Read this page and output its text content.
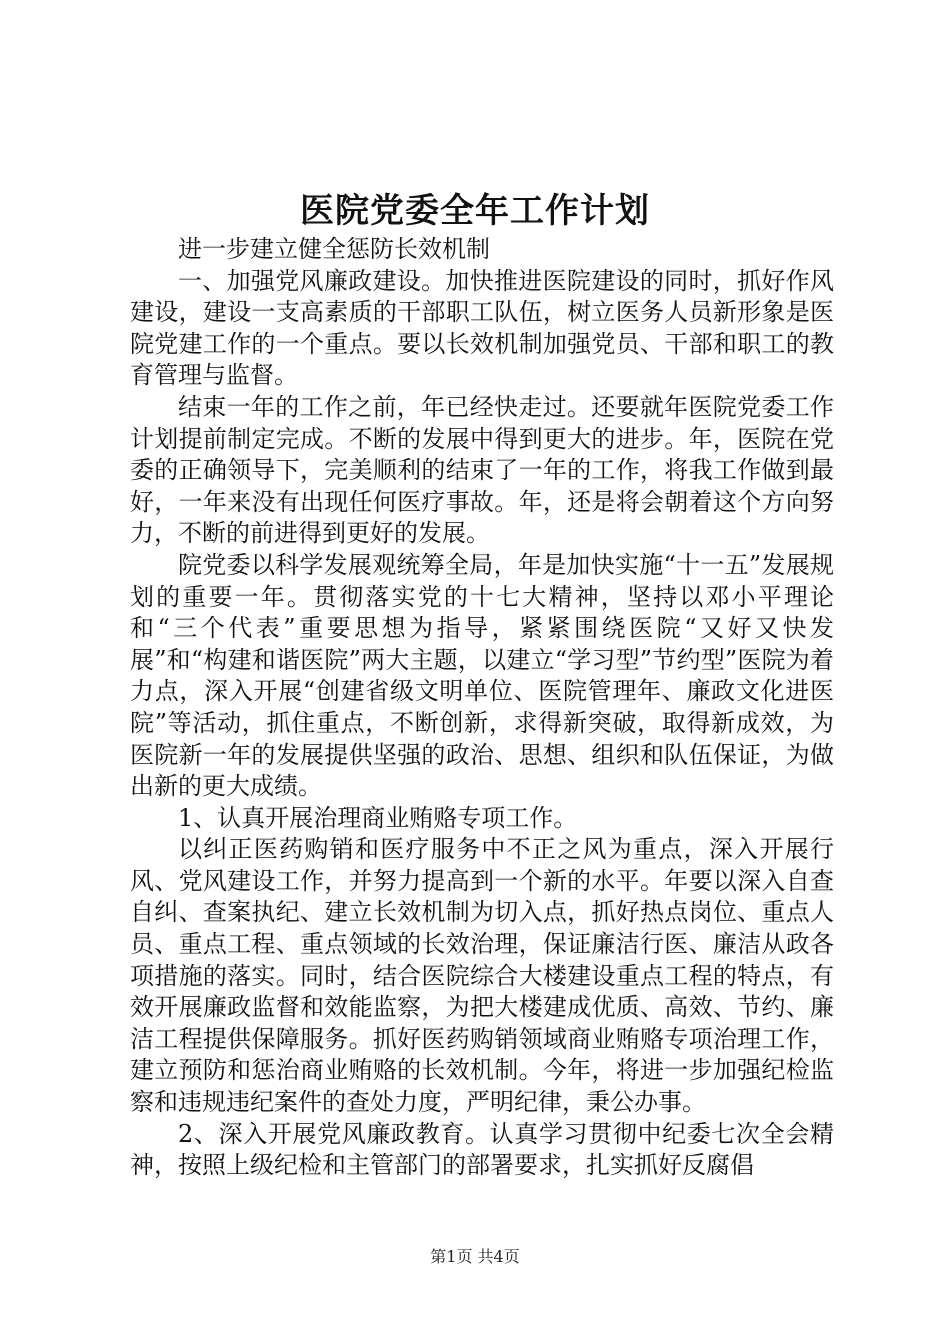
医院党委全年工作计划

进一步建立健全惩防长效机制

一、加强党风廉政建设。加快推进医院建设的同时，抓好作风建设，建设一支高素质的干部职工队伍，树立医务人员新形象是医院党建工作的一个重点。要以长效机制加强党员、干部和职工的教育管理与监督。

结束一年的工作之前，年已经快走过。还要就年医院党委工作计划提前制定完成。不断的发展中得到更大的进步。年，医院在党委的正确领导下，完美顺利的结束了一年的工作，将我工作做到最好，一年来没有出现任何医疗事故。年，还是将会朝着这个方向努力，不断的前进得到更好的发展。

院党委以科学发展观统筹全局，年是加快实施“十一五”发展规划的重要一年。贯彻落实党的十七大精神，坚持以邓小平理论和“三个代表”重要思想为指导，紧紧围绕医院“又好又快发展”和“构建和谐医院”两大主题，以建立“学习型”节约型”医院为着力点，深入开展“创建省级文明单位、医院管理年、廉政文化进医院”等活动，抓住重点，不断创新，求得新突破，取得新成效，为医院新一年的发展提供坚强的政治、思想、组织和队伍保证，为做出新的更大成绩。

1、认真开展治理商业贿赂专项工作。

以纠正医药购销和医疗服务中不正之风为重点，深入开展行风、党风建设工作，并努力提高到一个新的水平。年要以深入自查自纠、查案执纪、建立长效机制为切入点，抓好热点岗位、重点人员、重点工程、重点领域的长效治理，保证廉洁行医、廉洁从政各项措施的落实。同时，结合医院综合大楼建设重点工程的特点，有效开展廉政监督和效能监察，为把大楼建成优质、高效、节约、廉洁工程提供保障服务。抓好医药购销领域商业贿赂专项治理工作，建立预防和惩治商业贿赂的长效机制。今年，将进一步加强纪检监察和违规违纪案件的查处力度，严明纪律，秉公办事。

2、深入开展党风廉政教育。认真学习贯彻中纪委七次全会精神，按照上级纪检和主管部门的部署要求，扎实抓好反腐倡

第1页 共4页
